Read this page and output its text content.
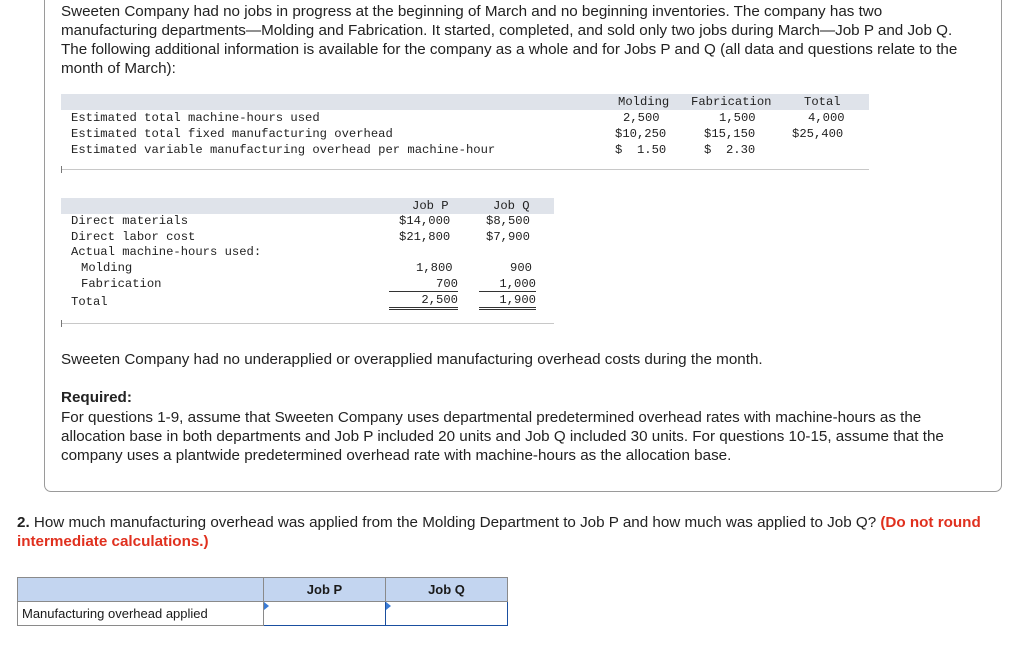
Sweeten Company had no jobs in progress at the beginning of March and no beginning inventories. The company has two manufacturing departments—Molding and Fabrication. It started, completed, and sold only two jobs during March—Job P and Job Q. The following additional information is available for the company as a whole and for Jobs P and Q (all data and questions relate to the month of March):

Molding Fabrication	Total
Estimated total machine-hours used	2,500	1,500	4,000
Estimated total fixed manufacturing overhead	$10,250	$15,150	$25,400
Estimated variable manufacturing overhead per machine-hour	$  1.50	$  2.30
Job P	Job Q
Direct materials	$14,000	$8,500
Direct labor cost	$21,800	$7,900
Actual machine-hours used:
Molding	1,800	900
Fabrication	700	1,000
Total	2,500	1,900

Sweeten Company had no underapplied or overapplied manufacturing overhead costs during the month.

Required:

For questions 1-9, assume that Sweeten Company uses departmental predetermined overhead rates with machine-hours as the allocation base in both departments and Job P included 20 units and Job Q included 30 units. For questions 10-15, assume that the company uses a plantwide predetermined overhead rate with machine-hours as the allocation base.

2. How much manufacturing overhead was applied from the Molding Department to Job P and how much was applied to Job Q? (Do not round intermediate calculations.)

	Job P	Job Q
Manufacturing overhead applied	
